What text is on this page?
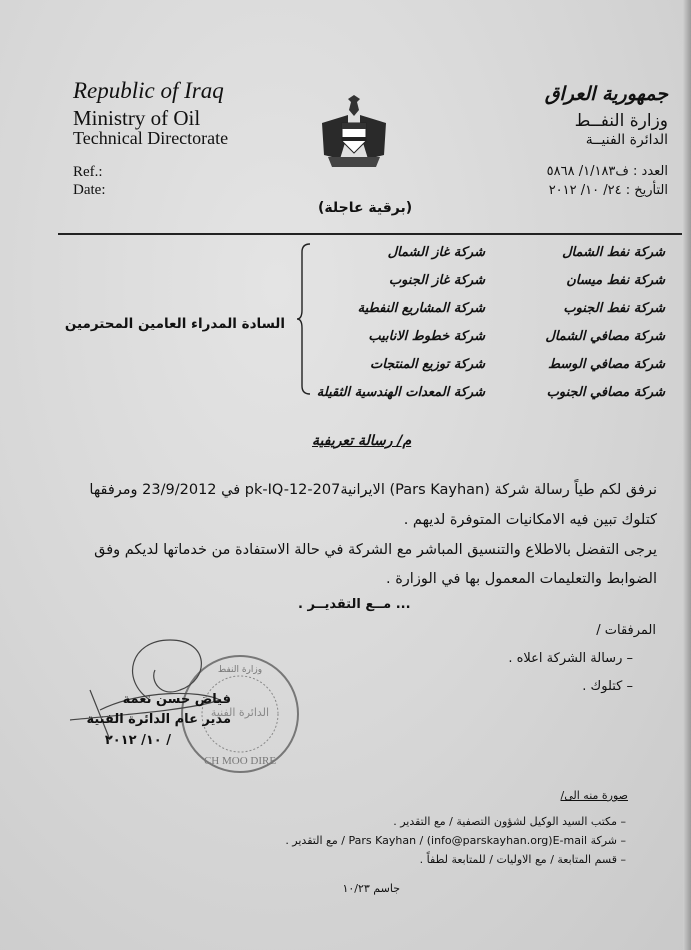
Republic of Iraq
Ministry of Oil
Technical Directorate
Ref.:
Date:
(برقية عاجلة)
جمهورية العراق
وزارة النفــط
الدائرة الفنيــة
العدد : ف١/١٨٣/ ٥٨٦٨
التأريخ : ٢٤/ ١٠/ ٢٠١٢
شركة نفط الشمال
شركة نفط ميسان
شركة نفط الجنوب
شركة مصافي الشمال
شركة مصافي الوسط
شركة مصافي الجنوب
شركة غاز الشمال
شركة غاز الجنوب
شركة المشاريع النفطية
شركة خطوط الانابيب
شركة توزيع المنتجات
شركة المعدات الهندسية الثقيلة
السادة المدراء العامين المحترمين
م/ رسالة تعريفية
نرفق لكم طياً رسالة شركة (Pars Kayhan) الايرانيةpk-IQ-12-207 في 23/9/2012 ومرفقها
كتلوك تبين فيه الامكانيات المتوفرة لديهم .
يرجى التفضل بالاطلاع والتنسيق المباشر مع الشركة في حالة الاستفادة من خدماتها لديكم وفق
الضوابط والتعليمات المعمول بها في الوزارة .
... مــع التقديــر .
المرفقات /
– رسالة الشركة اعلاه .
– كتلوك .
وزارة النفط
الدائرة الفنية
CH MOO DIRE
فياض حسن نعمة
مدير عام الدائرة الفنية
/ ١٠/ ٢٠١٢
صورة منه الى/
– مكتب السيد الوكيل لشؤون التصفية / مع التقدير .
– شركة Pars Kayhan / (info@parskayhan.org)E-mail / مع التقدير .
– قسم المتابعة / مع الاوليات / للمتابعة لطفاً .
جاسم ١٠/٢٣
